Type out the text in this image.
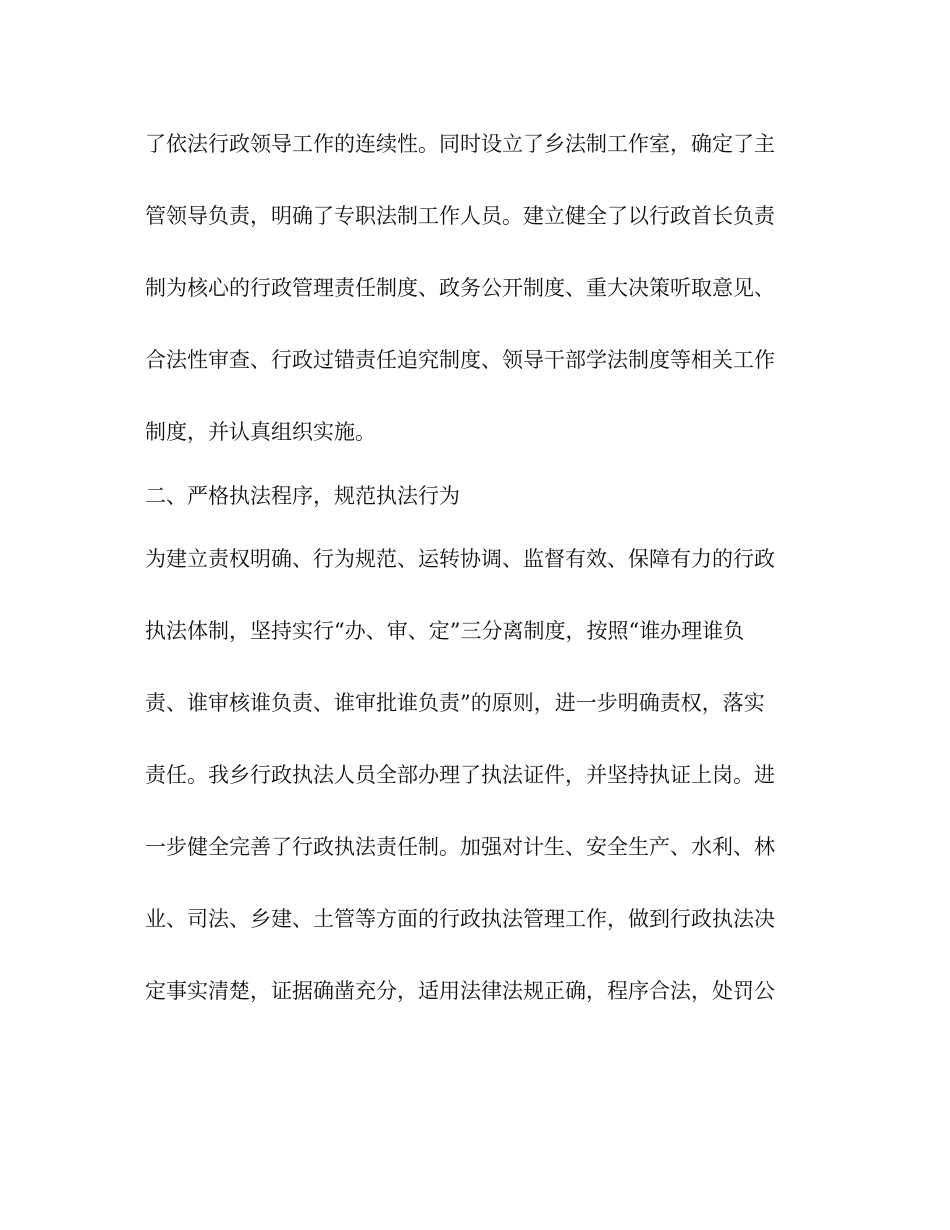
了依法行政领导工作的连续性。同时设立了乡法制工作室，确定了主
管领导负责，明确了专职法制工作人员。建立健全了以行政首长负责
制为核心的行政管理责任制度、政务公开制度、重大决策听取意见、
合法性审查、行政过错责任追究制度、领导干部学法制度等相关工作
制度，并认真组织实施。
二、严格执法程序，规范执法行为
为建立责权明确、行为规范、运转协调、监督有效、保障有力的行政
执法体制，坚持实行“办、审、定”三分离制度，按照“谁办理谁负
责、谁审核谁负责、谁审批谁负责”的原则，进一步明确责权，落实
责任。我乡行政执法人员全部办理了执法证件，并坚持执证上岗。进
一步健全完善了行政执法责任制。加强对计生、安全生产、水利、林
业、司法、乡建、土管等方面的行政执法管理工作，做到行政执法决
定事实清楚，证据确凿充分，适用法律法规正确，程序合法，处罚公
